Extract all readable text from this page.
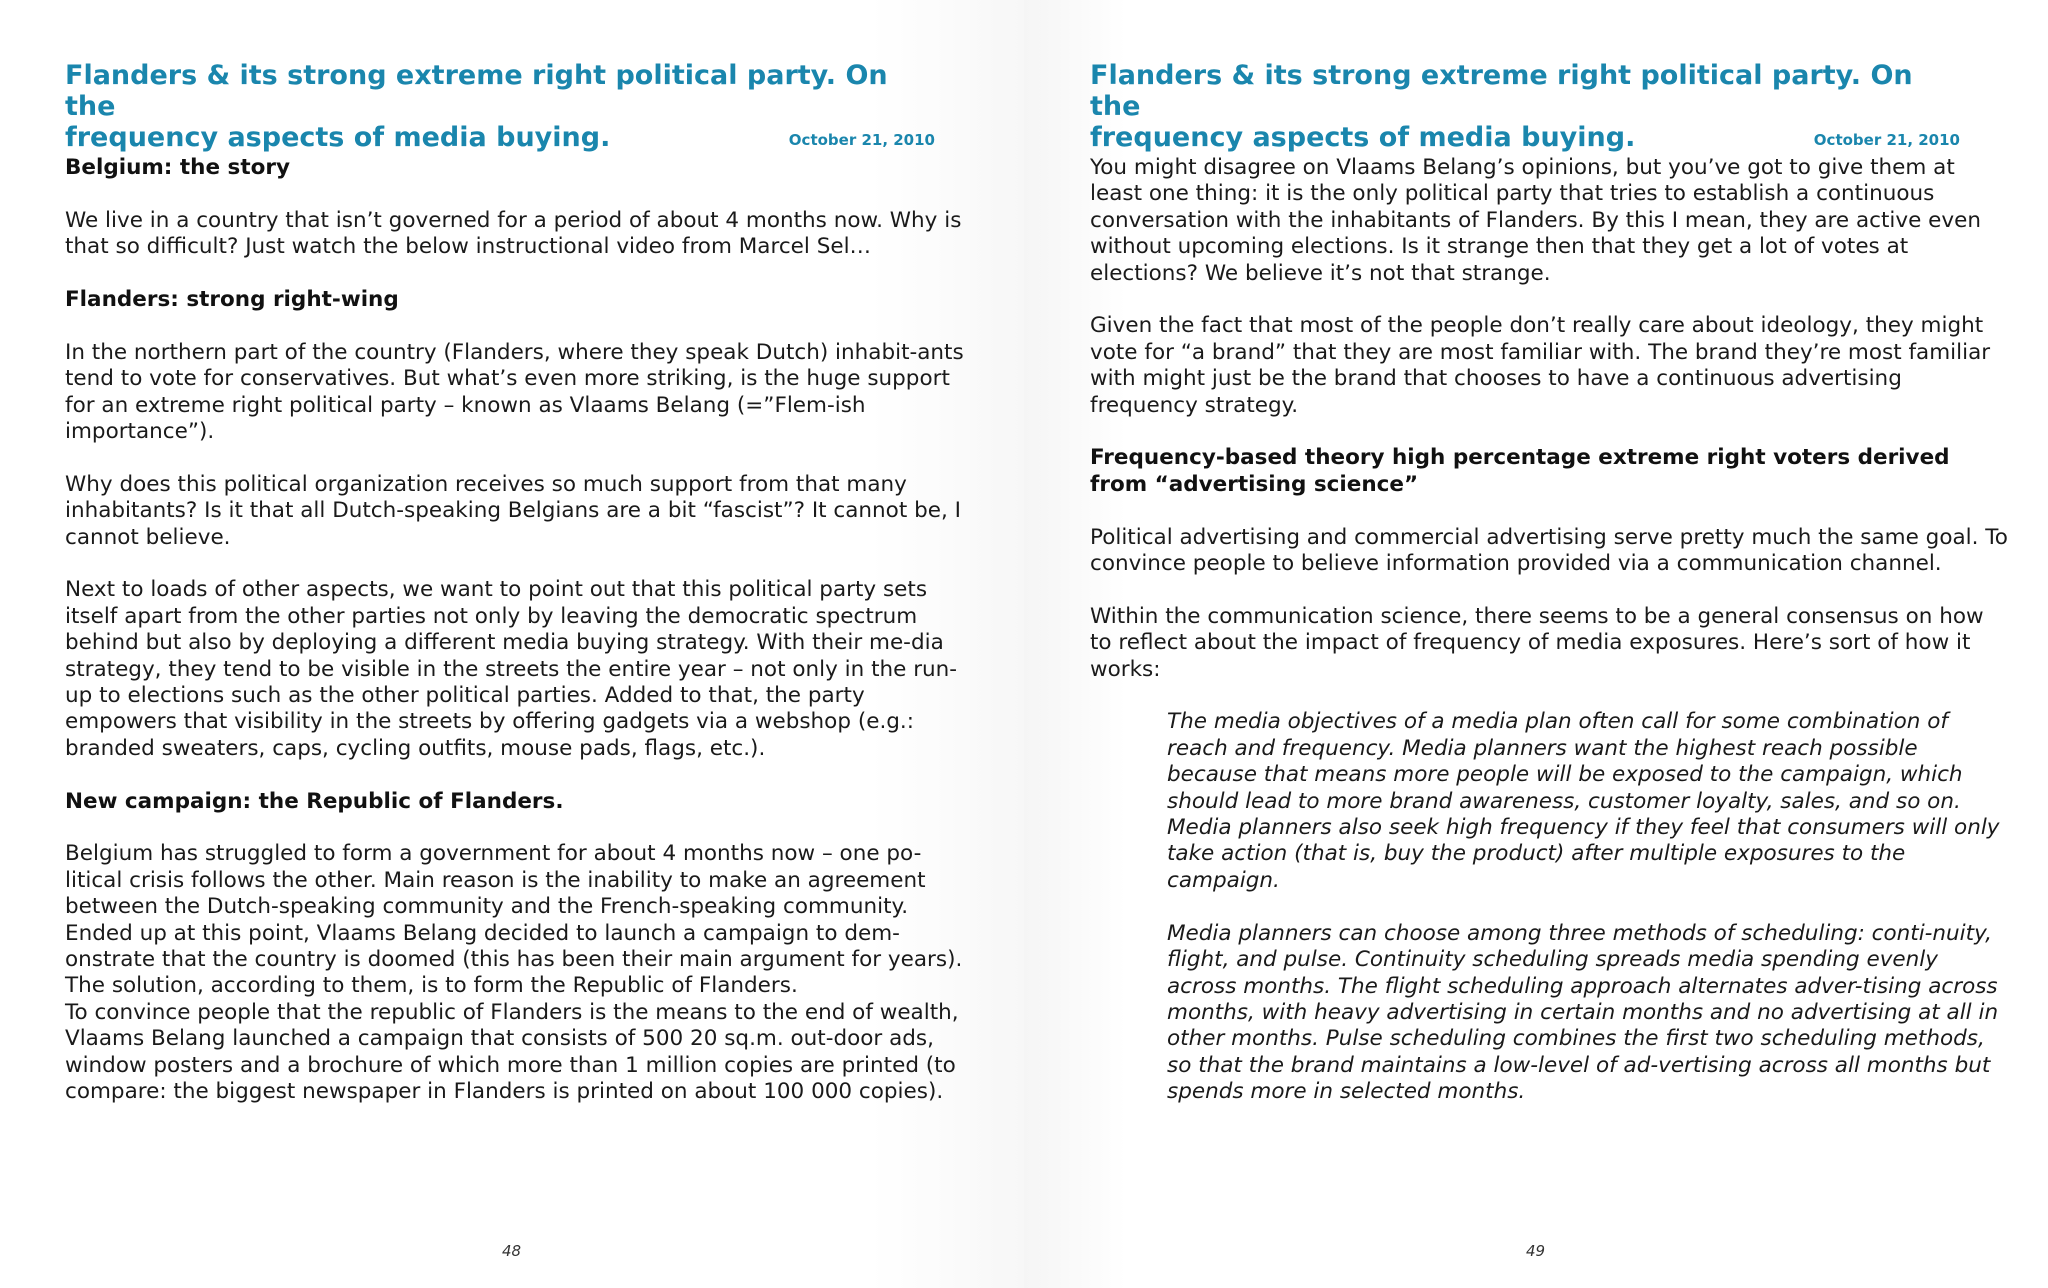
Flanders & its strong extreme right political party. On the
frequency aspects of media buying.	October 21, 2010
Belgium: the story

We live in a country that isn’t governed for a period of about 4 months now. Why is that so difficult? Just watch the below instructional video from Marcel Sel…

Flanders: strong right-wing

In the northern part of the country (Flanders, where they speak Dutch) inhabit-ants tend to vote for conservatives. But what’s even more striking, is the huge support for an extreme right political party – known as Vlaams Belang (=”Flem-ish importance”).

Why does this political organization receives so much support from that many inhabitants? Is it that all Dutch-speaking Belgians are a bit “fascist”? It cannot be, I cannot believe.

Next to loads of other aspects, we want to point out that this political party sets itself apart from the other parties not only by leaving the democratic spectrum behind but also by deploying a different media buying strategy. With their me-dia strategy, they tend to be visible in the streets the entire year – not only in the run-up to elections such as the other political parties. Added to that, the party empowers that visibility in the streets by offering gadgets via a webshop (e.g.: branded sweaters, caps, cycling outfits, mouse pads, flags, etc.).

New campaign: the Republic of Flanders.

Belgium has struggled to form a government for about 4 months now – one po-litical crisis follows the other. Main reason is the inability to make an agreement between the Dutch-speaking community and the French-speaking community. Ended up at this point, Vlaams Belang decided to launch a campaign to dem-onstrate that the country is doomed (this has been their main argument for years). The solution, according to them, is to form the Republic of Flanders.

To convince people that the republic of Flanders is the means to the end of wealth, Vlaams Belang launched a campaign that consists of 500 20 sq.m. out-door ads, window posters and a brochure of which more than 1 million copies are printed (to compare: the biggest newspaper in Flanders is printed on about 100 000 copies).

48
Flanders & its strong extreme right political party. On the
frequency aspects of media buying.	October 21, 2010

You might disagree on Vlaams Belang’s opinions, but you’ve got to give them at least one thing: it is the only political party that tries to establish a continuous conversation with the inhabitants of Flanders. By this I mean, they are active even without upcoming elections. Is it strange then that they get a lot of votes at elections? We believe it’s not that strange.

Given the fact that most of the people don’t really care about ideology, they might vote for “a brand” that they are most familiar with. The brand they’re most familiar with might just be the brand that chooses to have a continuous advertising frequency strategy.

Frequency-based theory high percentage extreme right voters derived from “advertising science”

Political advertising and commercial advertising serve pretty much the same goal. To convince people to believe information provided via a communication channel.

Within the communication science, there seems to be a general consensus on how to reflect about the impact of frequency of media exposures. Here’s sort of how it works:

The media objectives of a media plan often call for some combination of reach and frequency. Media planners want the highest reach possible because that means more people will be exposed to the campaign, which should lead to more brand awareness, customer loyalty, sales, and so on. Media planners also seek high frequency if they feel that consumers will only take action (that is, buy the product) after multiple exposures to the campaign.

Media planners can choose among three methods of scheduling: conti-nuity, flight, and pulse. Continuity scheduling spreads media spending evenly across months. The flight scheduling approach alternates adver-tising across months, with heavy advertising in certain months and no advertising at all in other months. Pulse scheduling combines the first two scheduling methods, so that the brand maintains a low-level of ad-vertising across all months but spends more in selected months.

49
